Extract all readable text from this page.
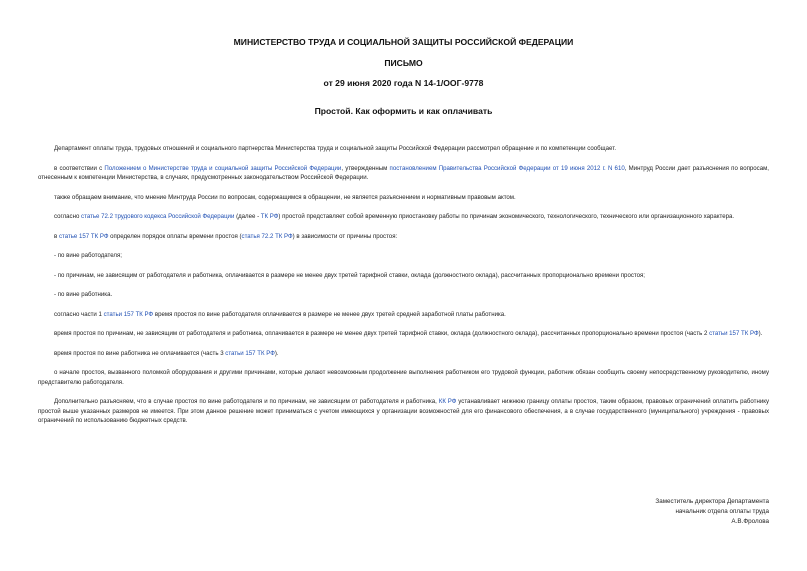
МИНИСТЕРСТВО ТРУДА И СОЦИАЛЬНОЙ ЗАЩИТЫ РОССИЙСКОЙ ФЕДЕРАЦИИ
ПИСЬМО
от 29 июня 2020 года N 14-1/ООГ-9778
Простой. Как оформить и как оплачивать

Департамент оплаты труда, трудовых отношений и социального партнерства Министерства труда и социальной защиты Российской Федерации рассмотрел обращение и по компетенции сообщает.

в соответствии с Положением о Министерстве труда и социальной защиты Российской Федерации, утвержденным постановлением Правительства Российской Федерации от 19 июня 2012 г. N 610, Минтруд России дает разъяснения по вопросам, отнесенным к компетенции Министерства, в случаях, предусмотренных законодательством Российской Федерации.

также обращаем внимание, что мнение Минтруда России по вопросам, содержащимся в обращении, не является разъяснением и нормативным правовым актом.

согласно статье 72.2 трудового кодекса Российской Федерации (далее - ТК РФ) простой представляет собой временную приостановку работы по причинам экономического, технологического, технического или организационного характера.

в статье 157 ТК РФ определен порядок оплаты времени простоя (статья 72.2 ТК РФ) в зависимости от причины простоя:

- по вине работодателя;

- по причинам, не зависящим от работодателя и работника, оплачивается в размере не менее двух третей тарифной ставки, оклада (должностного оклада), рассчитанных пропорционально времени простоя;

- по вине работника.

согласно части 1 статьи 157 ТК РФ время простоя по вине работодателя оплачивается в размере не менее двух третей средней заработной платы работника.

время простоя по причинам, не зависящим от работодателя и работника, оплачивается в размере не менее двух третей тарифной ставки, оклада (должностного оклада), рассчитанных пропорционально времени простоя (часть 2 статьи 157 ТК РФ).

время простоя по вине работника не оплачивается (часть 3 статьи 157 ТК РФ).

о начале простоя, вызванного поломкой оборудования и другими причинами, которые делают невозможным продолжение выполнения работником его трудовой функции, работник обязан сообщить своему непосредственному руководителю, иному представителю работодателя.

Дополнительно разъясняем, что в случае простоя по вине работодателя и по причинам, не зависящим от работодателя и работника, КК РФ устанавливает нижнюю границу оплаты простоя, таким образом, правовых ограничений оплатить работнику простой выше указанных размеров не имеется. При этом данное решение может приниматься с учетом имеющихся у организации возможностей для его финансового обеспечения, а в случае государственного (муниципального) учреждения - правовых ограничений по использованию бюджетных средств.

Заместитель директора Департамента
начальник отдела оплаты труда
А.В.Фролова
